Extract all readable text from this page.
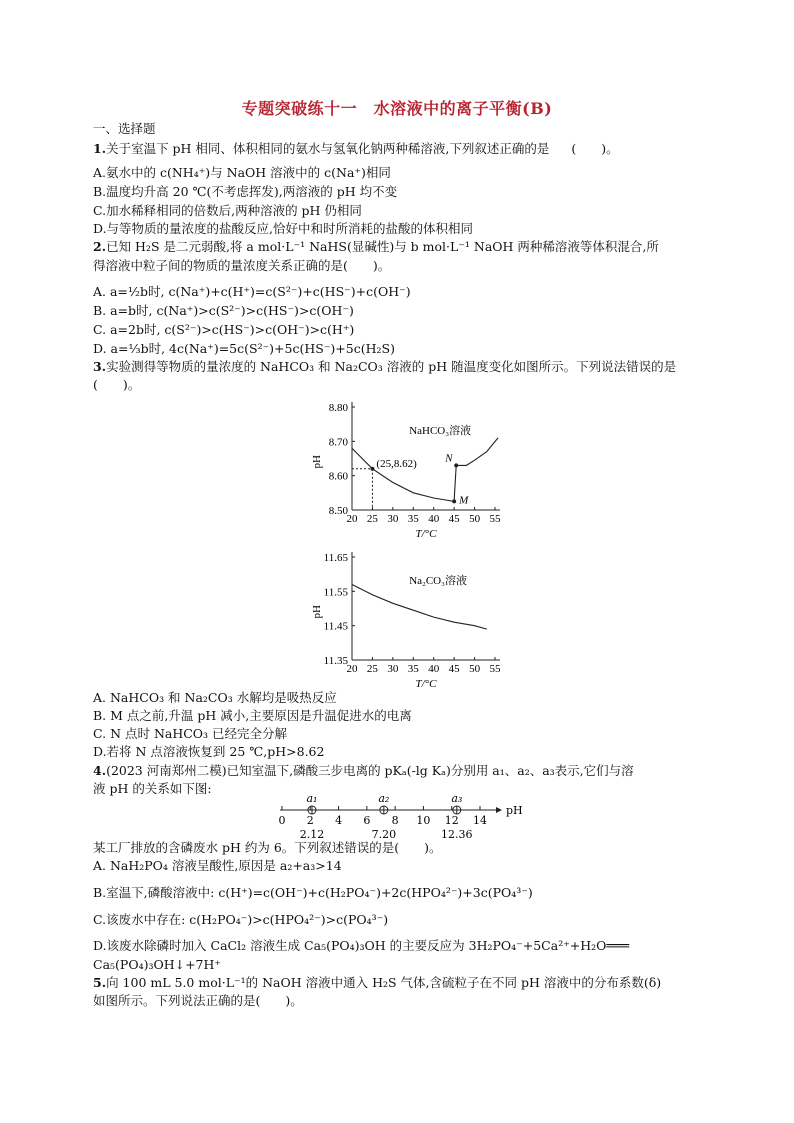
专题突破练十一　水溶液中的离子平衡(B)
一、选择题
1.关于室温下 pH 相同、体积相同的氨水与氢氧化钠两种稀溶液,下列叙述正确的是 (　　)。
A.氨水中的 c(NH₄⁺)与 NaOH 溶液中的 c(Na⁺)相同
B.温度均升高 20 ℃(不考虑挥发),两溶液的 pH 均不变
C.加水稀释相同的倍数后,两种溶液的 pH 仍相同
D.与等物质的量浓度的盐酸反应,恰好中和时所消耗的盐酸的体积相同
2.已知 H₂S 是二元弱酸,将 a mol·L⁻¹ NaHS(显碱性)与 b mol·L⁻¹ NaOH 两种稀溶液等体积混合,所
得溶液中粒子间的物质的量浓度关系正确的是(　　)。
A. a=½b时, c(Na⁺)+c(H⁺)=c(S²⁻)+c(HS⁻)+c(OH⁻)
B. a=b时, c(Na⁺)>c(S²⁻)>c(HS⁻)>c(OH⁻)
C. a=2b时, c(S²⁻)>c(HS⁻)>c(OH⁻)>c(H⁺)
D. a=⅓b时, 4c(Na⁺)=5c(S²⁻)+5c(HS⁻)+5c(H₂S)
3.实验测得等物质的量浓度的 NaHCO₃ 和 Na₂CO₃ 溶液的 pH 随温度变化如图所示。下列说法错误的是
(　　)。
20 25 30 35 40 45 50 55
8.50
8.60
8.70
8.80
T/°C
pH
NaHCO₃溶液
(25,8.62)	N
M
20 25 30 35 40 45 50 55
11.35
11.45
11.55
11.65
T/°C
pH
Na₂CO₃溶液
A. NaHCO₃ 和 Na₂CO₃ 水解均是吸热反应
B. M 点之前,升温 pH 减小,主要原因是升温促进水的电离
C. N 点时 NaHCO₃ 已经完全分解
D.若将 N 点溶液恢复到 25 ℃,pH>8.62
4.(2023 河南郑州二模)已知室温下,磷酸三步电离的 pKₐ(-lg Kₐ)分别用 a₁、a₂、a₃表示,它们与溶
液 pH 的关系如下图:
pH
0 2 4 6 8 10 12 14
a₁
2.12
a₂
7.20
a₃
12.36
某工厂排放的含磷废水 pH 约为 6。下列叙述错误的是(　　)。
A. NaH₂PO₄ 溶液呈酸性,原因是 a₂+a₃>14
B.室温下,磷酸溶液中: c(H⁺)=c(OH⁻)+c(H₂PO₄⁻)+2c(HPO₄²⁻)+3c(PO₄³⁻)
C.该废水中存在: c(H₂PO₄⁻)>c(HPO₄²⁻)>c(PO₄³⁻)
D.该废水除磷时加入 CaCl₂ 溶液生成 Ca₅(PO₄)₃OH 的主要反应为 3H₂PO₄⁻+5Ca²⁺+H₂O═══
Ca₅(PO₄)₃OH↓+7H⁺
5.向 100 mL 5.0 mol·L⁻¹的 NaOH 溶液中通入 H₂S 气体,含硫粒子在不同 pH 溶液中的分布系数(δ)
如图所示。下列说法正确的是(　　)。
